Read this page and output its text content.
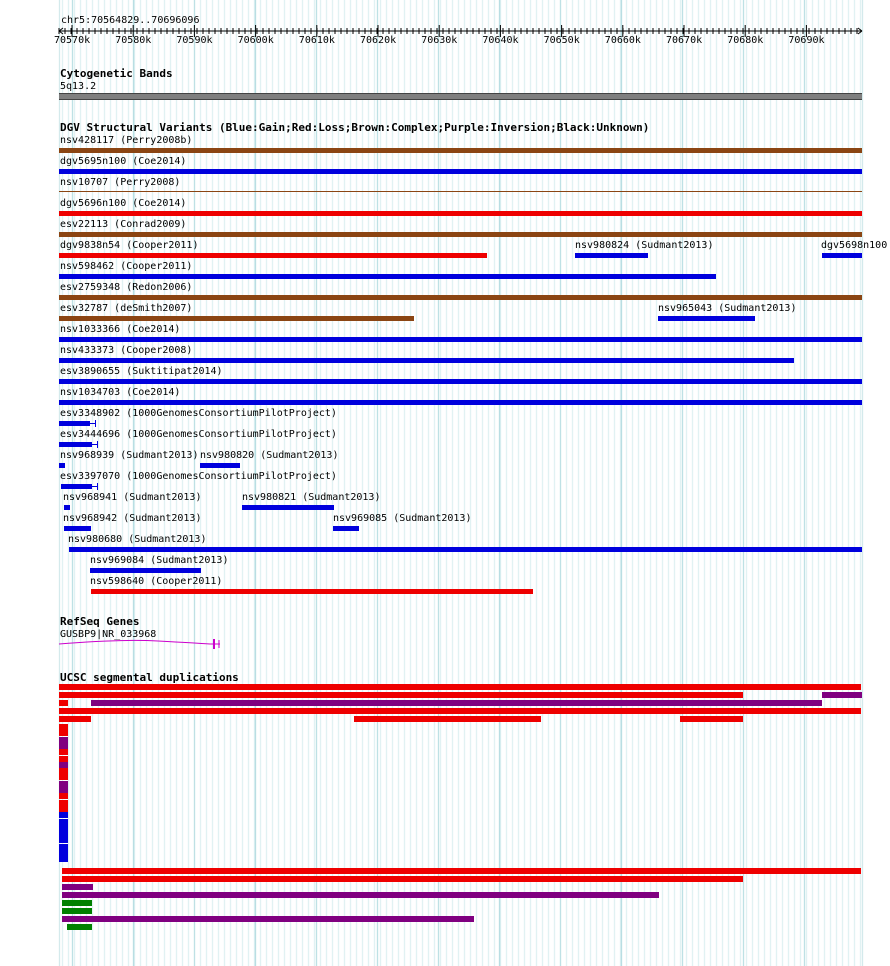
chr5:70564829..70696096
70570k	70580k	70590k	70600k	70610k	70620k	70630k	70640k	70650k	70660k	70670k	70680k	70690k
Cytogenetic Bands
5q13.2
DGV Structural Variants (Blue:Gain;Red:Loss;Brown:Complex;Purple:Inversion;Black:Unknown)
nsv428117 (Perry2008b)
dgv5695n100 (Coe2014)
nsv10707 (Perry2008)
dgv5696n100 (Coe2014)
esv22113 (Conrad2009)
dgv9838n54 (Cooper2011)	nsv980824 (Sudmant2013)	dgv5698n100
nsv598462 (Cooper2011)
esv2759348 (Redon2006)
esv32787 (deSmith2007)	nsv965043 (Sudmant2013)
nsv1033366 (Coe2014)
nsv433373 (Cooper2008)
esv3890655 (Suktitipat2014)
nsv1034703 (Coe2014)
esv3348902 (1000GenomesConsortiumPilotProject)
esv3444696 (1000GenomesConsortiumPilotProject)
nsv968939 (Sudmant2013) nsv980820 (Sudmant2013)
esv3397070 (1000GenomesConsortiumPilotProject)
nsv968941 (Sudmant2013)	nsv980821 (Sudmant2013)
nsv968942 (Sudmant2013)	nsv969085 (Sudmant2013)
nsv980680 (Sudmant2013)
nsv969084 (Sudmant2013)
nsv598640 (Cooper2011)
RefSeq Genes
GUSBP9|NR_033968
UCSC segmental duplications
